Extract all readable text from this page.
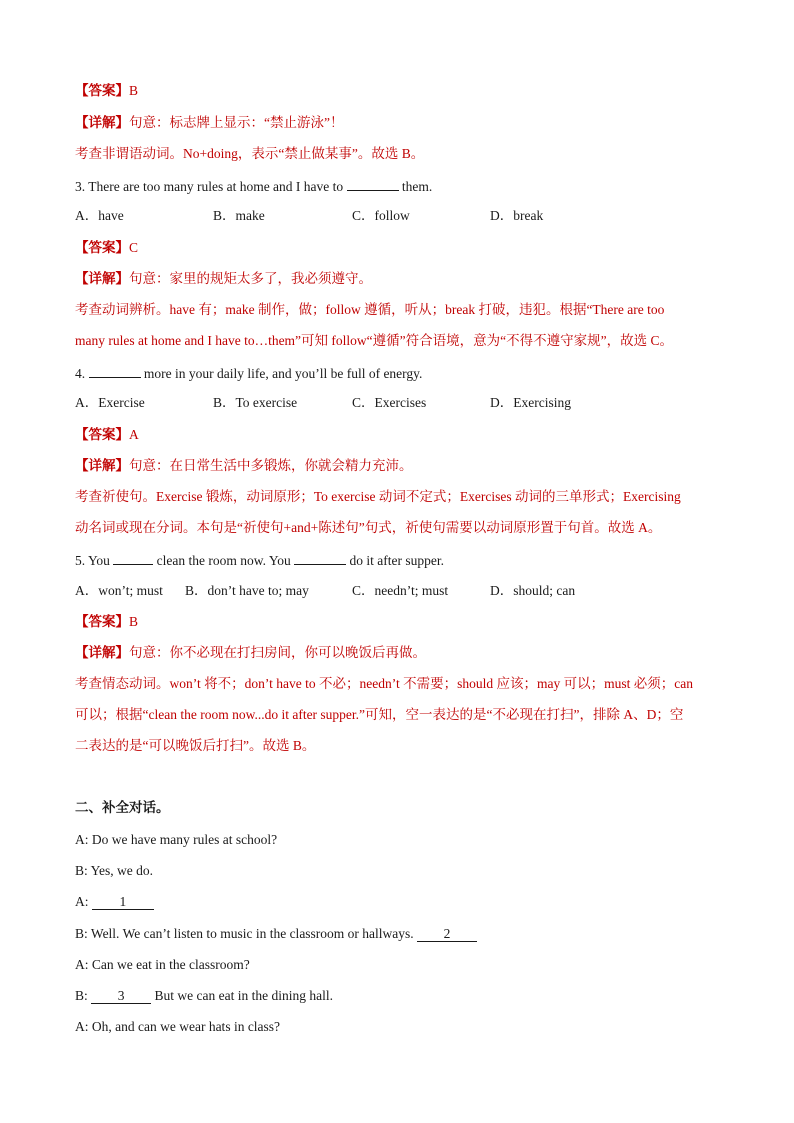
【答案】B
【详解】句意：标志牌上显示：“禁止游泳”！
考查非谓语动词。No+doing，表示“禁止做某事”。故选 B。
3. There are too many rules at home and I have to	them.
A．have	B．make	C．follow	D．break
【答案】C
【详解】句意：家里的规矩太多了，我必须遵守。
考查动词辨析。have 有；make 制作，做；follow 遵循，听从；break 打破，违犯。根据“There are too
many rules at home and I have to…them”可知 follow“遵循”符合语境，意为“不得不遵守家规”，故选 C。
4.	more in your daily life, and you’ll be full of energy.
A．Exercise	B．To exercise	C．Exercises	D．Exercising
【答案】A
【详解】句意：在日常生活中多锻炼，你就会精力充沛。
考查祈使句。Exercise 锻炼，动词原形；To exercise 动词不定式；Exercises 动词的三单形式；Exercising
动名词或现在分词。本句是“祈使句+and+陈述句”句式，祈使句需要以动词原形置于句首。故选 A。
5. You	clean the room now. You	do it after supper.
A．won’t; must B．don’t have to; may	C．needn’t; must	D．should; can
【答案】B
【详解】句意：你不必现在打扫房间，你可以晚饭后再做。
考查情态动词。won’t 将不；don’t have to 不必；needn’t 不需要；should 应该；may 可以；must 必须；can
可以；根据“clean the room now...do it after supper.”可知，空一表达的是“不必现在打扫”，排除 A、D；空
二表达的是“可以晚饭后打扫”。故选 B。
二、补全对话。
A: Do we have many rules at school?
B: Yes, we do.
A: 1
B: Well. We can’t listen to music in the classroom or hallways. 2
A: Can we eat in the classroom?
B: 3 But we can eat in the dining hall.
A: Oh, and can we wear hats in class?
